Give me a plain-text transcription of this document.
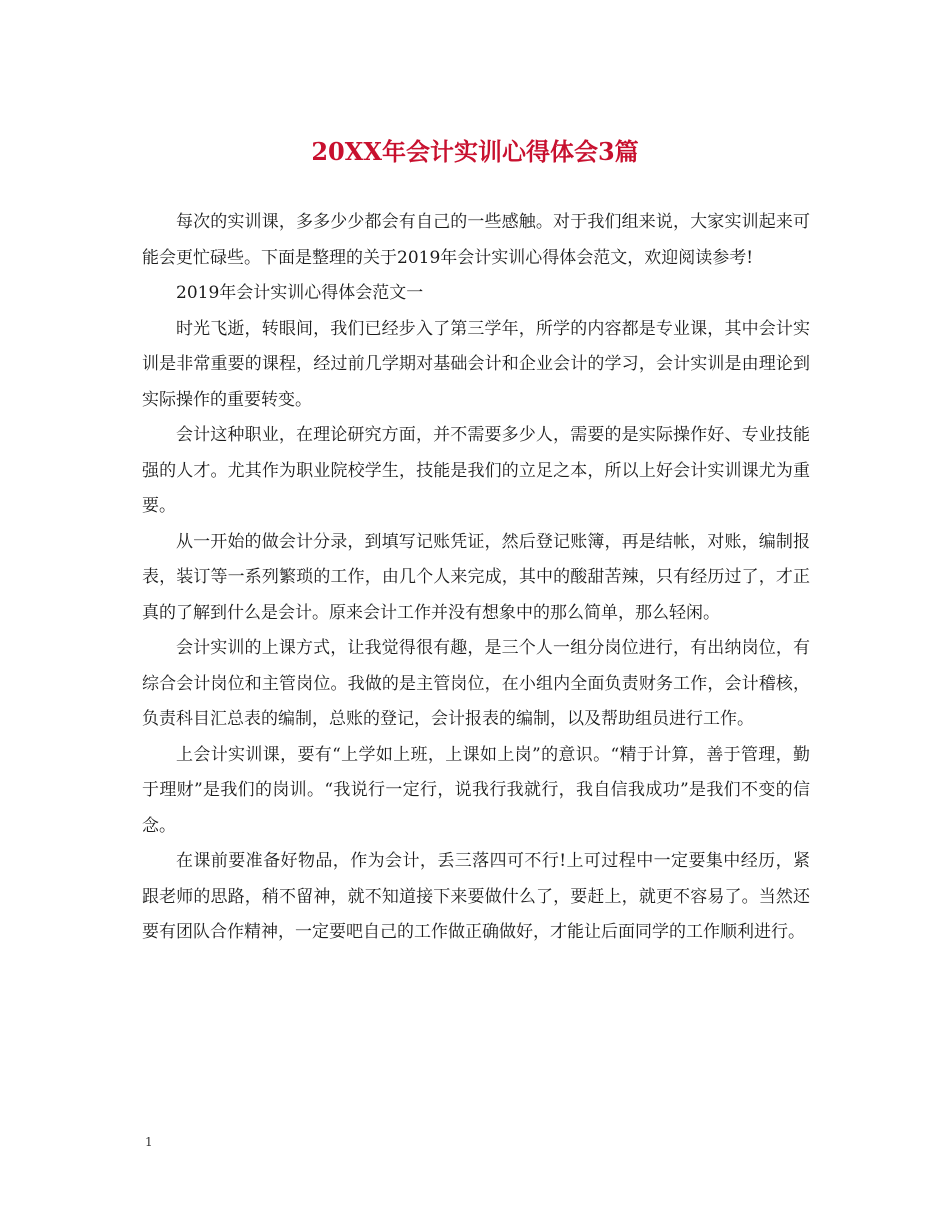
20XX年会计实训心得体会3篇

每次的实训课，多多少少都会有自己的一些感触。对于我们组来说，大家实训起来可能会更忙碌些。下面是整理的关于2019年会计实训心得体会范文，欢迎阅读参考!

2019年会计实训心得体会范文一

时光飞逝，转眼间，我们已经步入了第三学年，所学的内容都是专业课，其中会计实训是非常重要的课程，经过前几学期对基础会计和企业会计的学习，会计实训是由理论到实际操作的重要转变。

会计这种职业，在理论研究方面，并不需要多少人，需要的是实际操作好、专业技能强的人才。尤其作为职业院校学生，技能是我们的立足之本，所以上好会计实训课尤为重要。

从一开始的做会计分录，到填写记账凭证，然后登记账簿，再是结帐，对账，编制报表，装订等一系列繁琐的工作，由几个人来完成，其中的酸甜苦辣，只有经历过了，才正真的了解到什么是会计。原来会计工作并没有想象中的那么简单，那么轻闲。

会计实训的上课方式，让我觉得很有趣，是三个人一组分岗位进行，有出纳岗位，有综合会计岗位和主管岗位。我做的是主管岗位，在小组内全面负责财务工作，会计稽核，负责科目汇总表的编制，总账的登记，会计报表的编制，以及帮助组员进行工作。

上会计实训课，要有“上学如上班，上课如上岗”的意识。“精于计算，善于管理，勤于理财”是我们的岗训。“我说行一定行，说我行我就行，我自信我成功”是我们不变的信念。

在课前要准备好物品，作为会计，丢三落四可不行!上可过程中一定要集中经历，紧跟老师的思路，稍不留神，就不知道接下来要做什么了，要赶上，就更不容易了。当然还要有团队合作精神，一定要吧自己的工作做正确做好，才能让后面同学的工作顺利进行。

1
